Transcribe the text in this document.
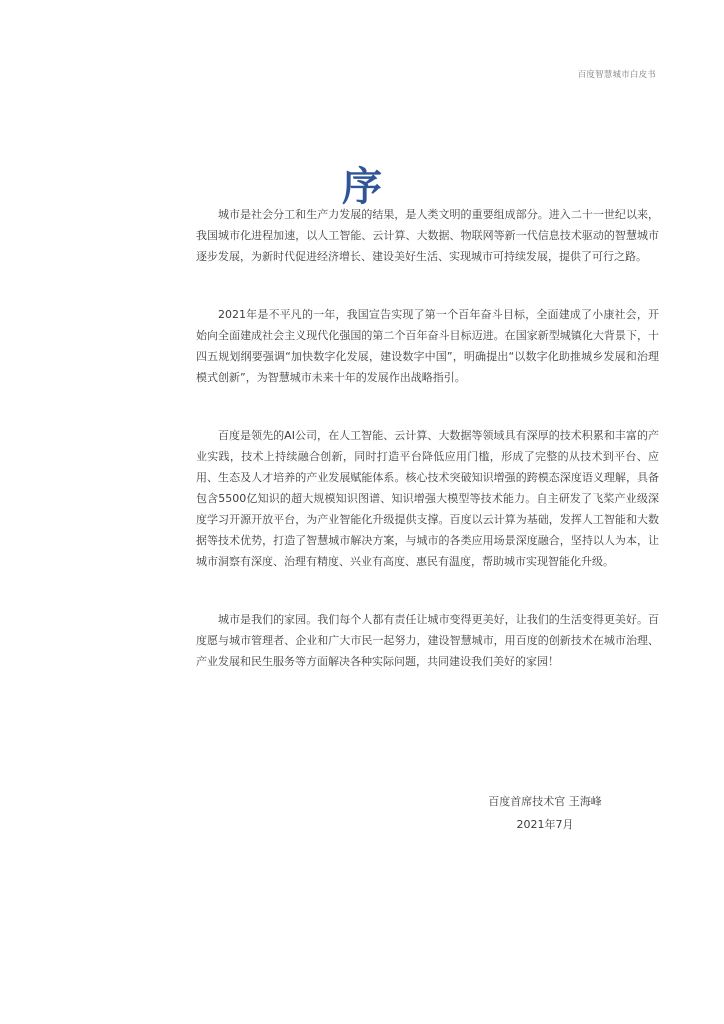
百度智慧城市白皮书
序

城市是社会分工和生产力发展的结果，是人类文明的重要组成部分。进入二十一世纪以来，我国城市化进程加速，以人工智能、云计算、大数据、物联网等新一代信息技术驱动的智慧城市逐步发展，为新时代促进经济增长、建设美好生活、实现城市可持续发展，提供了可行之路。

2021年是不平凡的一年，我国宣告实现了第一个百年奋斗目标，全面建成了小康社会，开始向全面建成社会主义现代化强国的第二个百年奋斗目标迈进。在国家新型城镇化大背景下，十四五规划纲要强调“加快数字化发展，建设数字中国”，明确提出“以数字化助推城乡发展和治理模式创新”，为智慧城市未来十年的发展作出战略指引。

百度是领先的AI公司，在人工智能、云计算、大数据等领域具有深厚的技术积累和丰富的产业实践，技术上持续融合创新，同时打造平台降低应用门槛，形成了完整的从技术到平台、应用、生态及人才培养的产业发展赋能体系。核心技术突破知识增强的跨模态深度语义理解，具备包含5500亿知识的超大规模知识图谱、知识增强大模型等技术能力。自主研发了飞桨产业级深度学习开源开放平台，为产业智能化升级提供支撑。百度以云计算为基础，发挥人工智能和大数据等技术优势，打造了智慧城市解决方案，与城市的各类应用场景深度融合，坚持以人为本，让城市洞察有深度、治理有精度、兴业有高度、惠民有温度，帮助城市实现智能化升级。

城市是我们的家园。我们每个人都有责任让城市变得更美好，让我们的生活变得更美好。百度愿与城市管理者、企业和广大市民一起努力，建设智慧城市，用百度的创新技术在城市治理、产业发展和民生服务等方面解决各种实际问题，共同建设我们美好的家园！

百度首席技术官 王海峰
2021年7月
